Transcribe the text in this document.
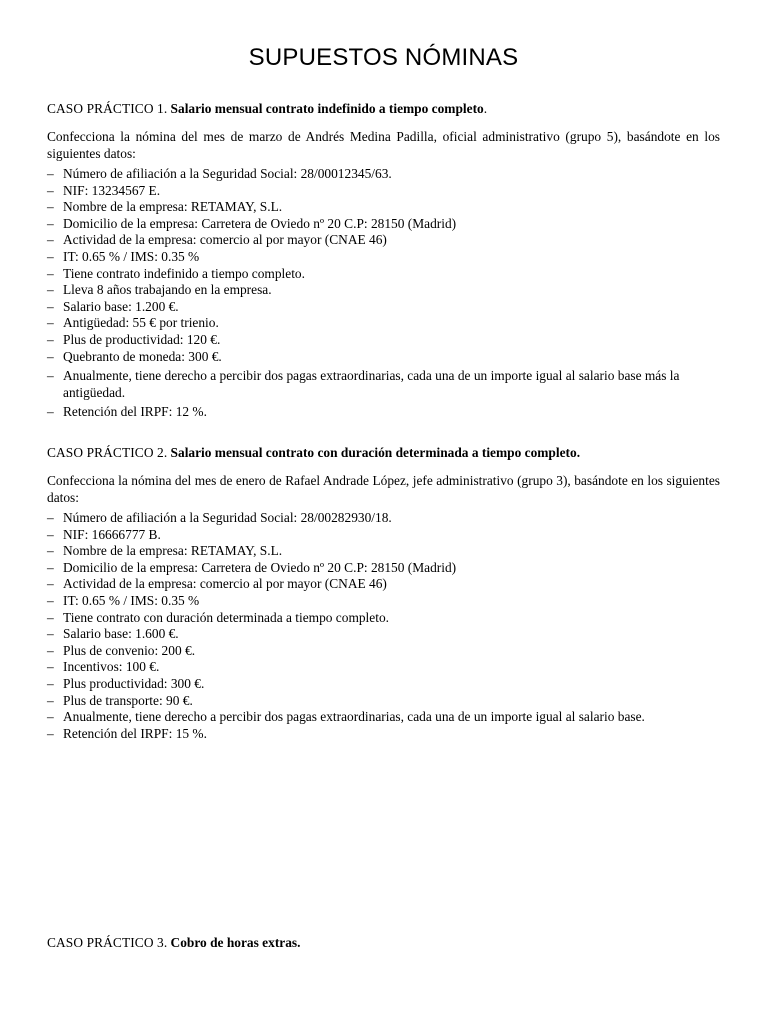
SUPUESTOS NÓMINAS

CASO PRÁCTICO 1. Salario mensual contrato indefinido a tiempo completo.

Confecciona la nómina del mes de marzo de Andrés Medina Padilla, oficial administrativo (grupo 5), basándote en los siguientes datos:

– Número de afiliación a la Seguridad Social: 28/00012345/63.
– NIF: 13234567 E.
– Nombre de la empresa: RETAMAY, S.L.
– Domicilio de la empresa: Carretera de Oviedo nº 20 C.P: 28150 (Madrid)
– Actividad de la empresa: comercio al por mayor (CNAE 46)
– IT: 0.65 % / IMS: 0.35 %
– Tiene contrato indefinido a tiempo completo.
– Lleva 8 años trabajando en la empresa.
– Salario base: 1.200 €.
– Antigüedad: 55 € por trienio.
– Plus de productividad: 120 €.
– Quebranto de moneda: 300 €.
– Anualmente, tiene derecho a percibir dos pagas extraordinarias, cada una de un importe igual al salario base más la antigüedad.
– Retención del IRPF: 12 %.

CASO PRÁCTICO 2. Salario mensual contrato con duración determinada a tiempo completo.

Confecciona la nómina del mes de enero de Rafael Andrade López, jefe administrativo (grupo 3), basándote en los siguientes datos:

– Número de afiliación a la Seguridad Social: 28/00282930/18.
– NIF: 16666777 B.
– Nombre de la empresa: RETAMAY, S.L.
– Domicilio de la empresa: Carretera de Oviedo nº 20 C.P: 28150 (Madrid)
– Actividad de la empresa: comercio al por mayor (CNAE 46)
– IT: 0.65 % / IMS: 0.35 %
– Tiene contrato con duración determinada a tiempo completo.
– Salario base: 1.600 €.
– Plus de convenio: 200 €.
– Incentivos: 100 €.
– Plus productividad: 300 €.
– Plus de transporte: 90 €.
– Anualmente, tiene derecho a percibir dos pagas extraordinarias, cada una de un importe igual al salario base.
– Retención del IRPF: 15 %.

CASO PRÁCTICO 3. Cobro de horas extras.
